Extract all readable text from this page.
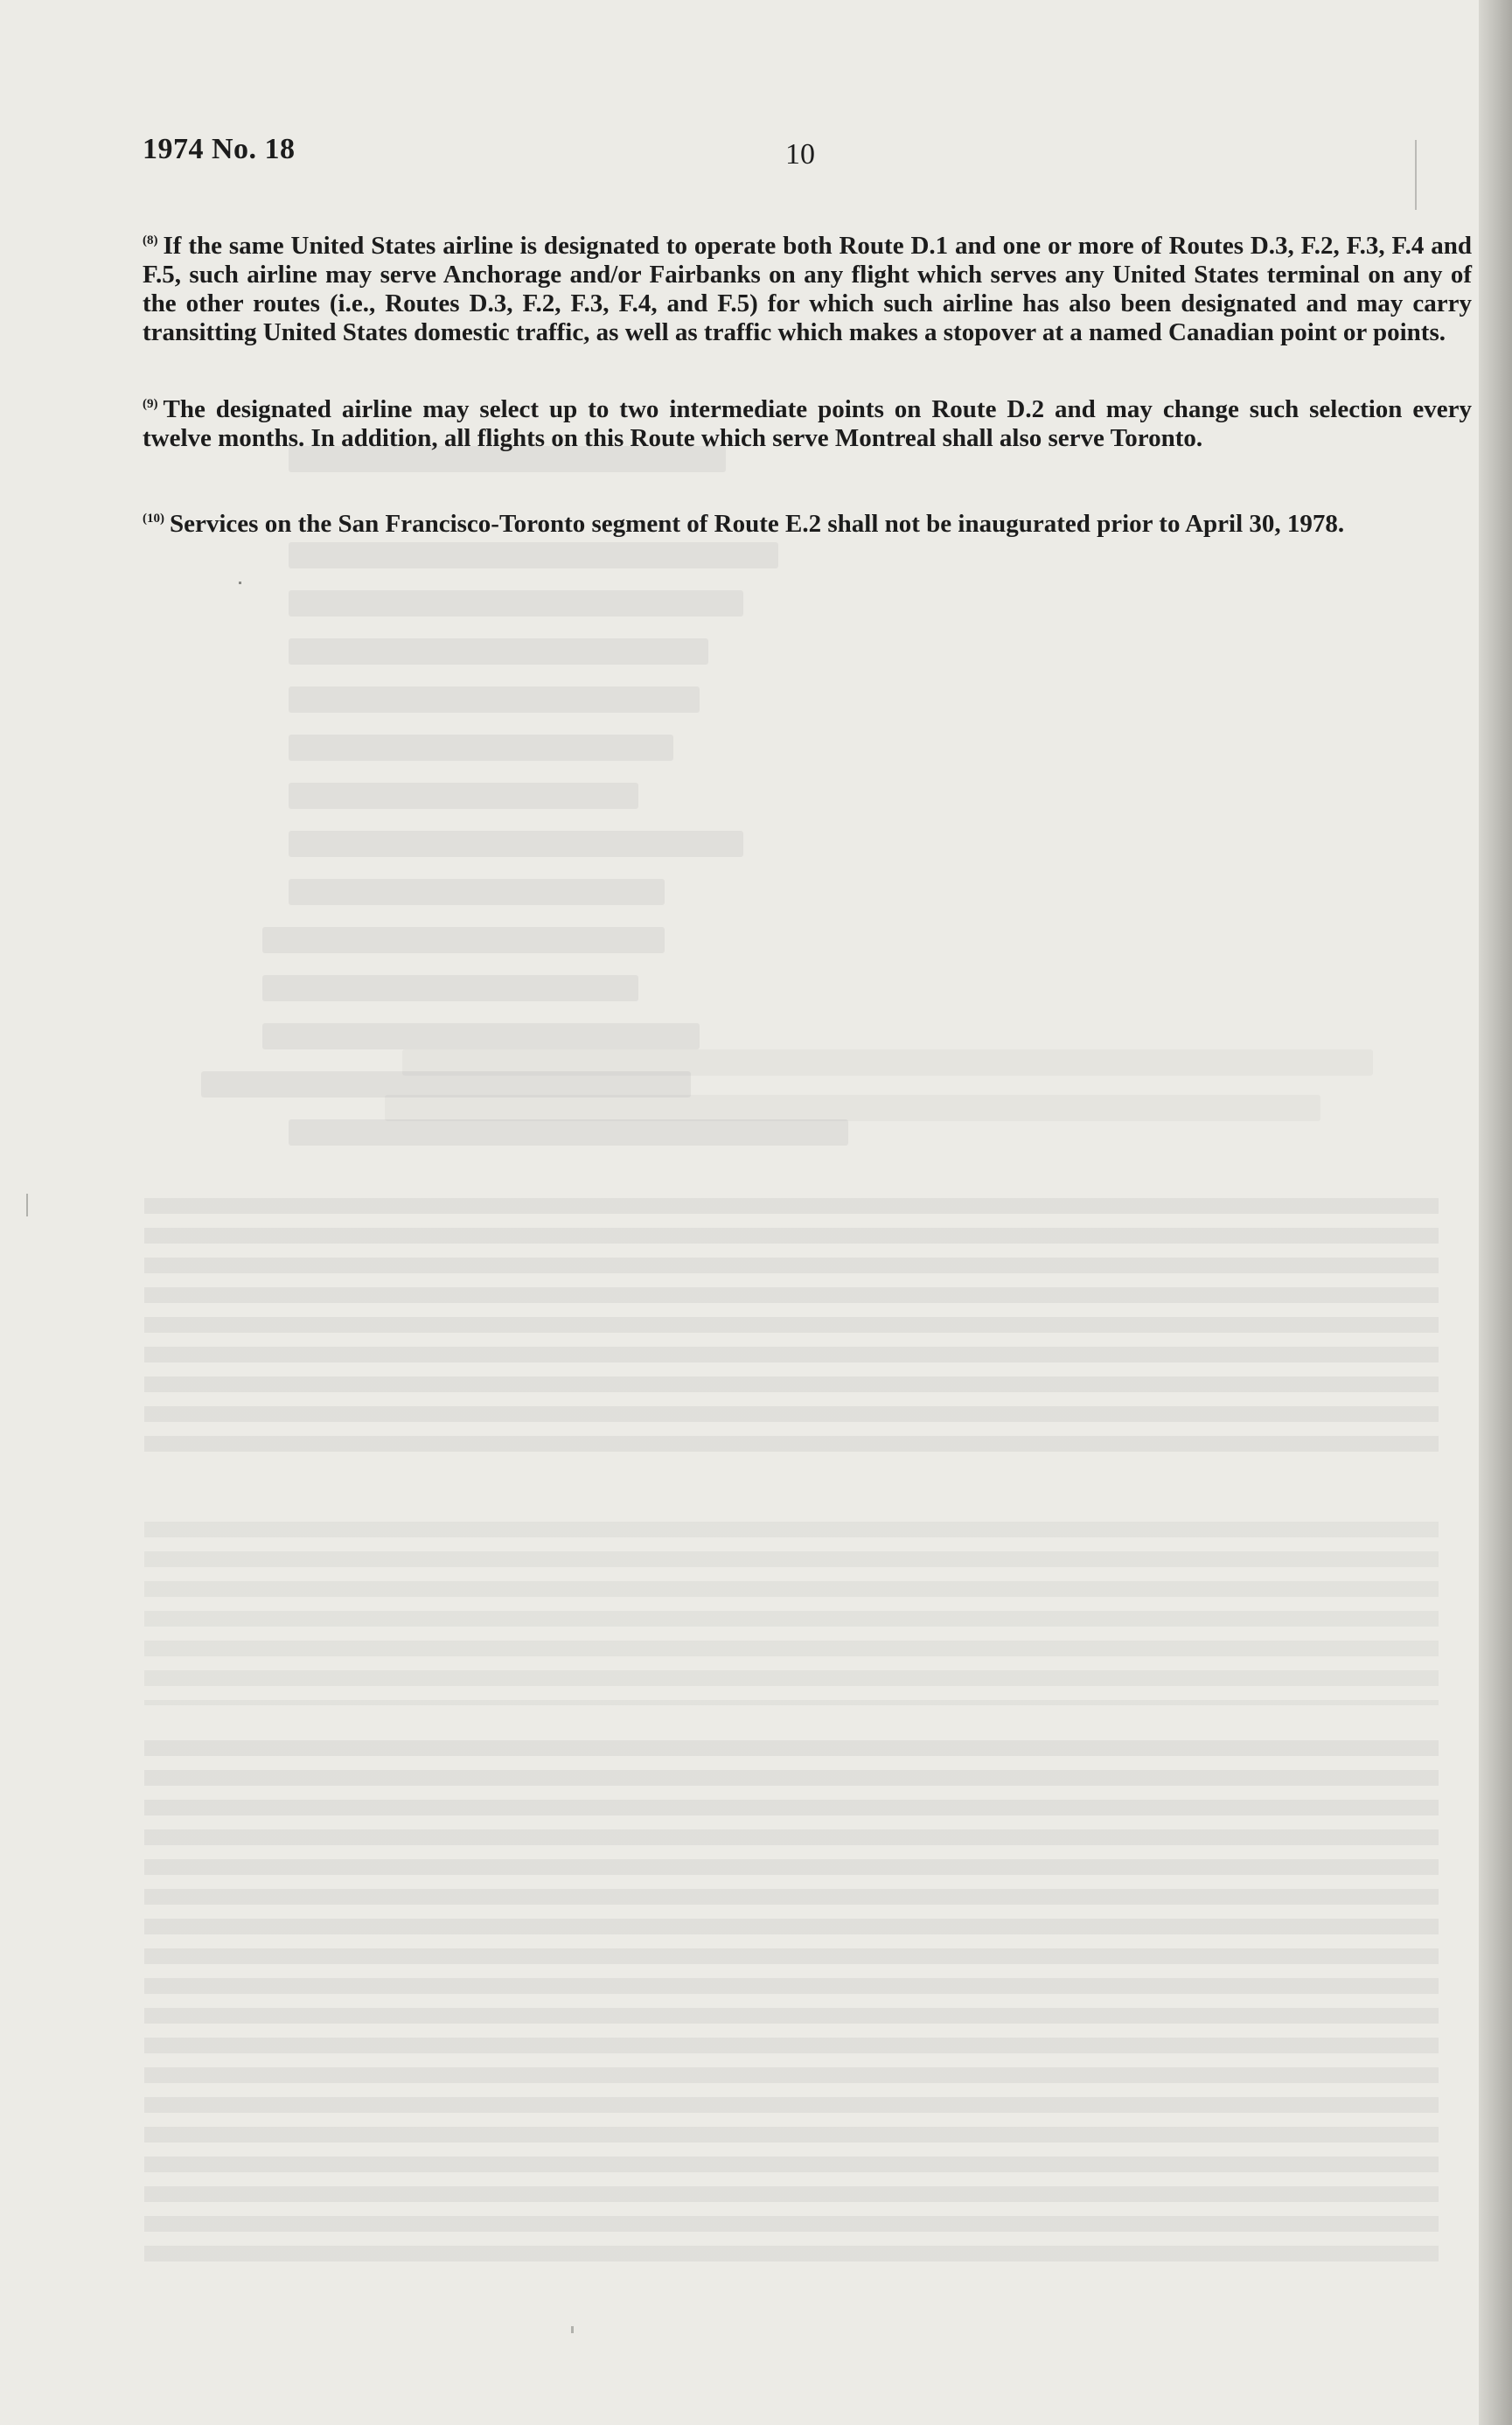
1974 No. 18	10
$^{(8)}$ If the same United States airline is designated to operate both Route D.1 and one or more of Routes D.3, F.2, F.3, F.4 and F.5, such airline may serve Anchorage and/or Fairbanks on any flight which serves any United States terminal on any of the other routes (i.e., Routes D.3, F.2, F.3, F.4, and F.5) for which such airline has also been designated and may carry transitting United States domestic traffic, as well as traffic which makes a stopover at a named Canadian point or points.
$^{(9)}$ The designated airline may select up to two intermediate points on Route D.2 and may change such selection every twelve months. In addition, all flights on this Route which serve Montreal shall also serve Toronto.
$^{(10)}$ Services on the San Francisco-Toronto segment of Route E.2 shall not be inaugurated prior to April 30, 1978.
